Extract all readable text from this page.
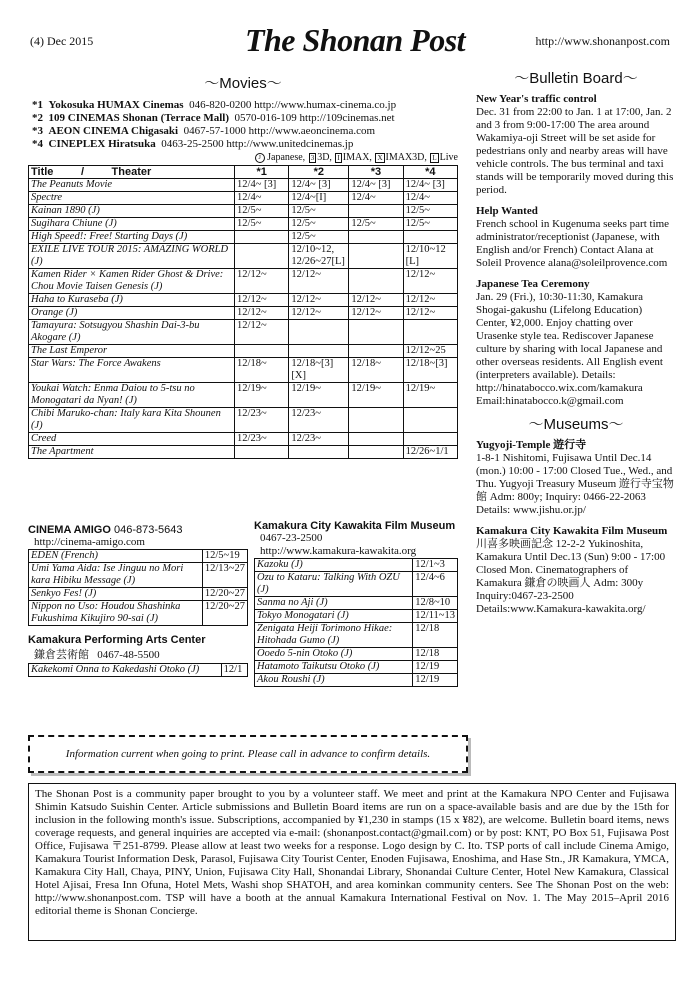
(4) Dec 2015	The Shonan Post	http://www.shonanpost.com
〜Movies〜
*1 Yokosuka HUMAX Cinemas 046-820-0200 http://www.humax-cinema.co.jp
*2 109 CINEMAS Shonan (Terrace Mall) 0570-016-109 http://109cinemas.net
*3 AEON CINEMA Chigasaki 0467-57-1000 http://www.aeoncinema.com
*4 CINEPLEX Hiratsuka 0463-25-2500 http://www.unitedcinemas.jp
J Japanese, 3 3D, I IMAX, X IMAX3D, L Live
Title / Theater	*1	*2	*3	*4
The Peanuts Movie	12/4~ [3]	12/4~ [3]	12/4~ [3]	12/4~ [3]
Spectre	12/4~	12/4~[I]	12/4~	12/4~
Kainan 1890 (J)	12/5~	12/5~		12/5~
Sugihara Chiune (J)	12/5~	12/5~	12/5~	12/5~
High Speed!: Free! Starting Days (J)		12/5~		
EXILE LIVE TOUR 2015: AMAZING WORLD (J)		12/10~12, 12/26~27[L]		12/10~12 [L]
Kamen Rider × Kamen Rider Ghost & Drive: Chou Movie Taisen Genesis (J)	12/12~	12/12~		12/12~
Haha to Kuraseba (J)	12/12~	12/12~	12/12~	12/12~
Orange (J)	12/12~	12/12~	12/12~	12/12~
Tamayura: Sotsugyou Shashin Dai-3-bu Akogare (J)	12/12~			
The Last Emperor				12/12~25
Star Wars: The Force Awakens	12/18~	12/18~[3][X]	12/18~	12/18~[3]
Youkai Watch: Enma Daiou to 5-tsu no Monogatari da Nyan! (J)	12/19~	12/19~	12/19~	12/19~
Chibi Maruko-chan: Italy kara Kita Shounen (J)	12/23~	12/23~		
Creed	12/23~	12/23~		
The Apartment				12/26~1/1
CINEMA AMIGO 046-873-5643
http://cinema-amigo.com
EDEN (French)	12/5~19
Umi Yama Aida: Ise Jinguu no Mori kara Hibiku Message (J)	12/13~27
Senkyo Fes! (J)	12/20~27
Nippon no Uso: Houdou Shashinka Fukushima Kikujiro 90-sai (J)	12/20~27
Kamakura Performing Arts Center
鎌倉芸術館 0467-48-5500
Kakekomi Onna to Kakedashi Otoko (J)	12/1
Kamakura City Kawakita Film Museum
0467-23-2500
http://www.kamakura-kawakita.org
Kazoku (J)	12/1~3
Ozu to Kataru: Talking With OZU (J)	12/4~6
Sanma no Aji (J)	12/8~10
Tokyo Monogatari (J)	12/11~13
Zenigata Heiji Torimono Hikae: Hitohada Gumo (J)	12/18
Ooedo 5-nin Otoko (J)	12/18
Hatamoto Taikutsu Otoko (J)	12/19
Akou Roushi (J)	12/19
Information current when going to print. Please call in advance to confirm details.
〜Bulletin Board〜
New Year's traffic control

Dec. 31 from 22:00 to Jan. 1 at 17:00, Jan. 2 and 3 from 9:00-17:00 The area around Wakamiya-oji Street will be set aside for pedestrians only and nearby areas will have vehicle controls. The bus terminal and taxi stands will be temporarily moved during this period.

Help Wanted

French school in Kugenuma seeks part time administrator/receptionist (Japanese, with English and/or French) Contact Alana at Soleil Provence alana@soleilprovence.com

Japanese Tea Ceremony

Jan. 29 (Fri.), 10:30-11:30, Kamakura Shogai-gakushu (Lifelong Education) Center, ¥2,000. Enjoy chatting over Urasenke style tea. Rediscover Japanese culture by sharing with local Japanese and other overseas residents. All English event (interpreters available). Details: http://hinatabocco.wix.com/kamakura Email:hinatabocco.k@gmail.com

〜Museums〜
Yugyoji-Temple 遊行寺

1-8-1 Nishitomi, Fujisawa Until Dec.14 (mon.) 10:00 - 17:00 Closed Tue., Wed., and Thu. Yugyoji Treasury Museum 遊行寺宝物館 Adm: 800y; Inquiry: 0466-22-2063 Details: www.jishu.or.jp/

Kamakura City Kawakita Film Museum

川喜多映画記念 12-2-2 Yukinoshita, Kamakura Until Dec.13 (Sun) 9:00 - 17:00 Closed Mon. Cinematographers of Kamakura 鎌倉の映画人 Adm: 300y Inquiry:0467-23-2500 Details:www.Kamakura-kawakita.org/

The Shonan Post is a community paper brought to you by a volunteer staff. We meet and print at the Kamakura NPO Center and Fujisawa Shimin Katsudo Suishin Center. Article submissions and Bulletin Board items are run on a space-available basis and are due by the 15th for inclusion in the following month's issue. Subscriptions, accompanied by ¥1,230 in stamps (15 x ¥82), are welcome. Bulletin board items, news coverage requests, and general inquiries are accepted via e-mail: (shonanpost.contact@gmail.com) or by post: KNT, PO Box 51, Fujisawa Post Office, Fujisawa 〒251-8799. Please allow at least two weeks for a response. Logo design by C. Ito. TSP ports of call include Cinema Amigo, Kamakura Tourist Information Desk, Parasol, Fujisawa City Tourist Center, Enoden Fujisawa, Enoshima, and Hase Stn., JR Kamakura, YMCA, Kamakura City Hall, Chaya, PINY, Union, Fujisawa City Hall, Shonandai Library, Shonandai Culture Center, Hotel New Kamakura, Classical Hotel Ajisai, Fresa Inn Ofuna, Hotel Mets, Washi shop SHATOH, and area kominkan community centers. See The Shonan Post on the web: http://www.shonanpost.com. TSP will have a booth at the annual Kamakura International Festival on Nov. 1. The May 2015–April 2016 editorial theme is Shonan Concierge.
